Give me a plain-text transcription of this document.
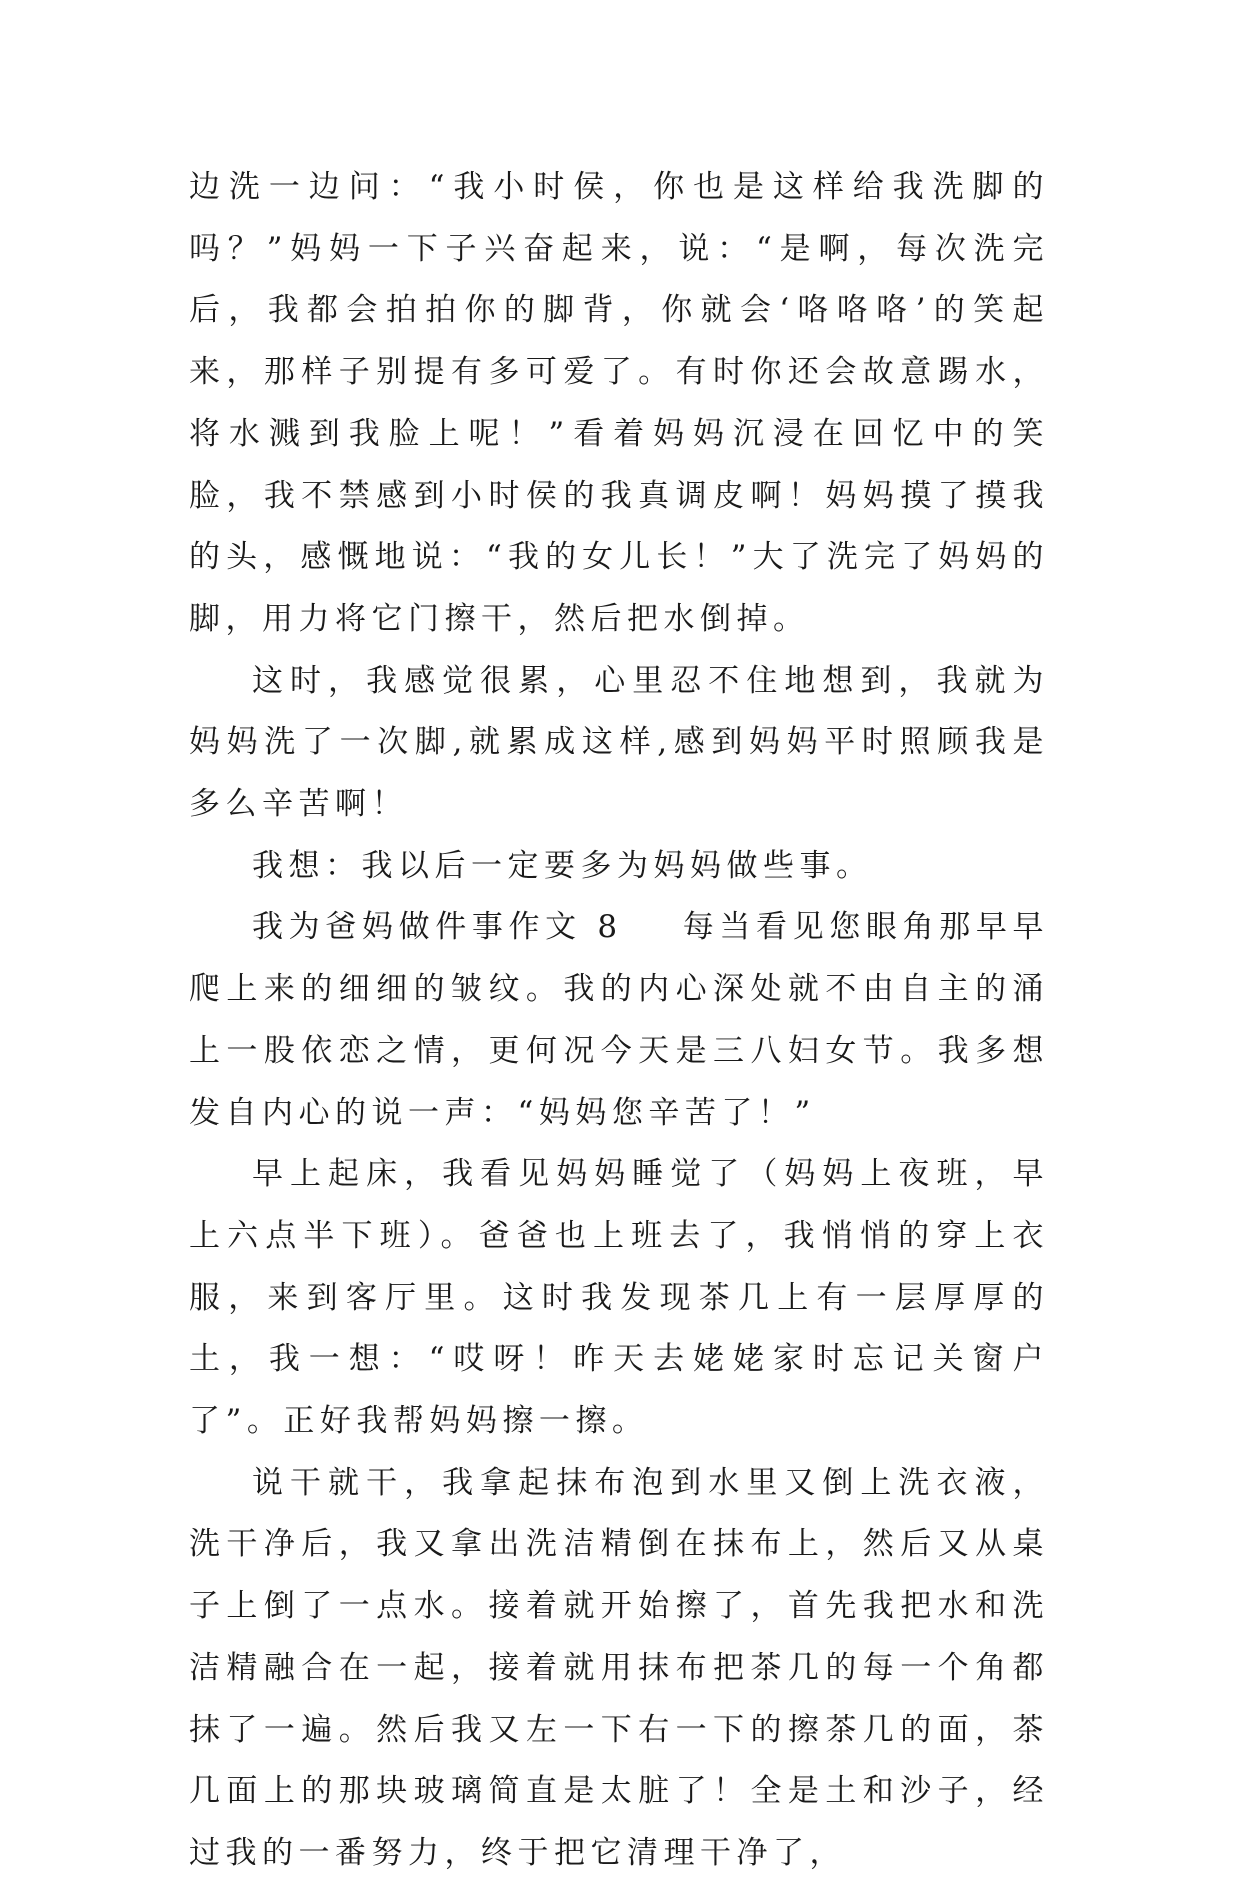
边洗一边问：“我小时侯，你也是这样给我洗脚的吗？”妈妈一下子兴奋起来，说：“是啊，每次洗完后，我都会拍拍你的脚背，你就会‘咯咯咯’的笑起来，那样子别提有多可爱了。有时你还会故意踢水，将水溅到我脸上呢！”看着妈妈沉浸在回忆中的笑脸，我不禁感到小时侯的我真调皮啊！妈妈摸了摸我的头，感慨地说：“我的女儿长！”大了洗完了妈妈的脚，用力将它门擦干，然后把水倒掉。

这时，我感觉很累，心里忍不住地想到，我就为妈妈洗了一次脚,就累成这样,感到妈妈平时照顾我是多么辛苦啊！

我想：我以后一定要多为妈妈做些事。

我为爸妈做件事作文 8 每当看见您眼角那早早爬上来的细细的皱纹。我的内心深处就不由自主的涌上一股依恋之情，更何况今天是三八妇女节。我多想发自内心的说一声：“妈妈您辛苦了！”

早上起床，我看见妈妈睡觉了（妈妈上夜班，早上六点半下班）。爸爸也上班去了，我悄悄的穿上衣服，来到客厅里。这时我发现茶几上有一层厚厚的土，我一想：“哎呀！昨天去姥姥家时忘记关窗户了”。正好我帮妈妈擦一擦。

说干就干，我拿起抹布泡到水里又倒上洗衣液，洗干净后，我又拿出洗洁精倒在抹布上，然后又从桌子上倒了一点水。接着就开始擦了，首先我把水和洗洁精融合在一起，接着就用抹布把茶几的每一个角都抹了一遍。然后我又左一下右一下的擦茶几的面，茶几面上的那块玻璃简直是太脏了！全是土和沙子，经过我的一番努力，终于把它清理干净了，
